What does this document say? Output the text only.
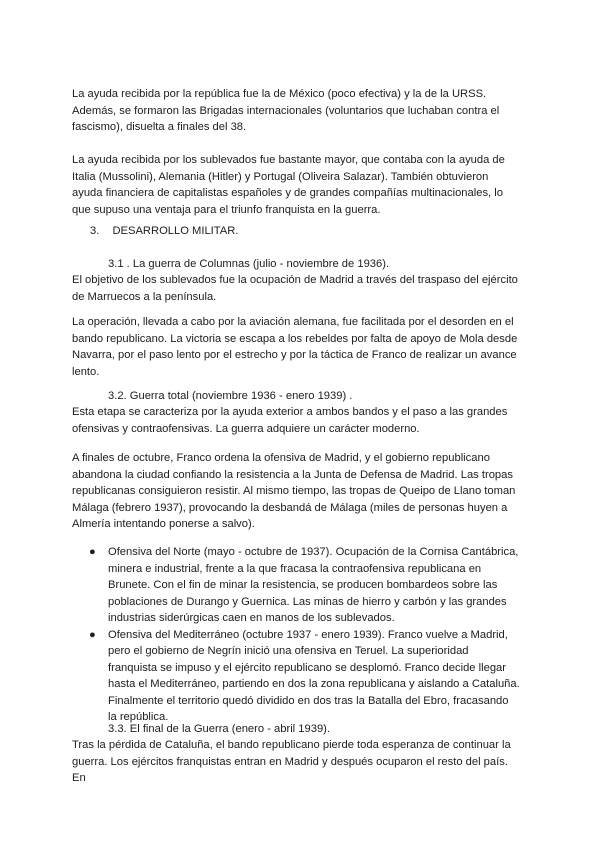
La ayuda recibida por la república fue la de México (poco efectiva) y la de la URSS. Además, se formaron las Brigadas internacionales (voluntarios que luchaban contra el fascismo), disuelta a finales del 38.

La ayuda recibida por los sublevados fue bastante mayor, que contaba con la ayuda de Italia (Mussolini), Alemania (Hitler) y Portugal (Oliveira Salazar). También obtuvieron ayuda financiera de capitalistas españoles y de grandes compañías multinacionales, lo que supuso una ventaja para el triunfo franquista en la guerra.

3. DESARROLLO MILITAR.
3.1 . La guerra de Columnas (julio - noviembre de 1936).

El objetivo de los sublevados fue la ocupación de Madrid a través del traspaso del ejército de Marruecos a la península.

La operación, llevada a cabo por la aviación alemana, fue facilitada por el desorden en el bando republicano. La victoria se escapa a los rebeldes por falta de apoyo de Mola desde Navarra, por el paso lento por el estrecho y por la táctica de Franco de realizar un avance lento.

3.2. Guerra total (noviembre 1936 - enero 1939) .

Esta etapa se caracteriza por la ayuda exterior a ambos bandos y el paso a las grandes ofensivas y contraofensivas. La guerra adquiere un carácter moderno.

A finales de octubre, Franco ordena la ofensiva de Madrid, y el gobierno republicano abandona la ciudad confiando la resistencia a la Junta de Defensa de Madrid. Las tropas republicanas consiguieron resistir. Al mismo tiempo, las tropas de Queipo de Llano toman Málaga (febrero 1937), provocando la desbandá de Málaga (miles de personas huyen a Almería intentando ponerse a salvo).

● Ofensiva del Norte (mayo - octubre de 1937). Ocupación de la Cornisa Cantábrica, minera e industrial, frente a la que fracasa la contraofensiva republicana en Brunete. Con el fin de minar la resistencia, se producen bombardeos sobre las poblaciones de Durango y Guernica. Las minas de hierro y carbón y las grandes industrias siderúrgicas caen en manos de los sublevados.
● Ofensiva del Mediterráneo (octubre 1937 - enero 1939). Franco vuelve a Madrid, pero el gobierno de Negrín inició una ofensiva en Teruel. La superioridad franquista se impuso y el ejército republicano se desplomó. Franco decide llegar hasta el Mediterráneo, partiendo en dos la zona republicana y aislando a Cataluña. Finalmente el territorio quedó dividido en dos tras la Batalla del Ebro, fracasando la república.
3.3. El final de la Guerra (enero - abril 1939).

Tras la pérdida de Cataluña, el bando republicano pierde toda esperanza de continuar la guerra. Los ejércitos franquistas entran en Madrid y después ocuparon el resto del país. En
